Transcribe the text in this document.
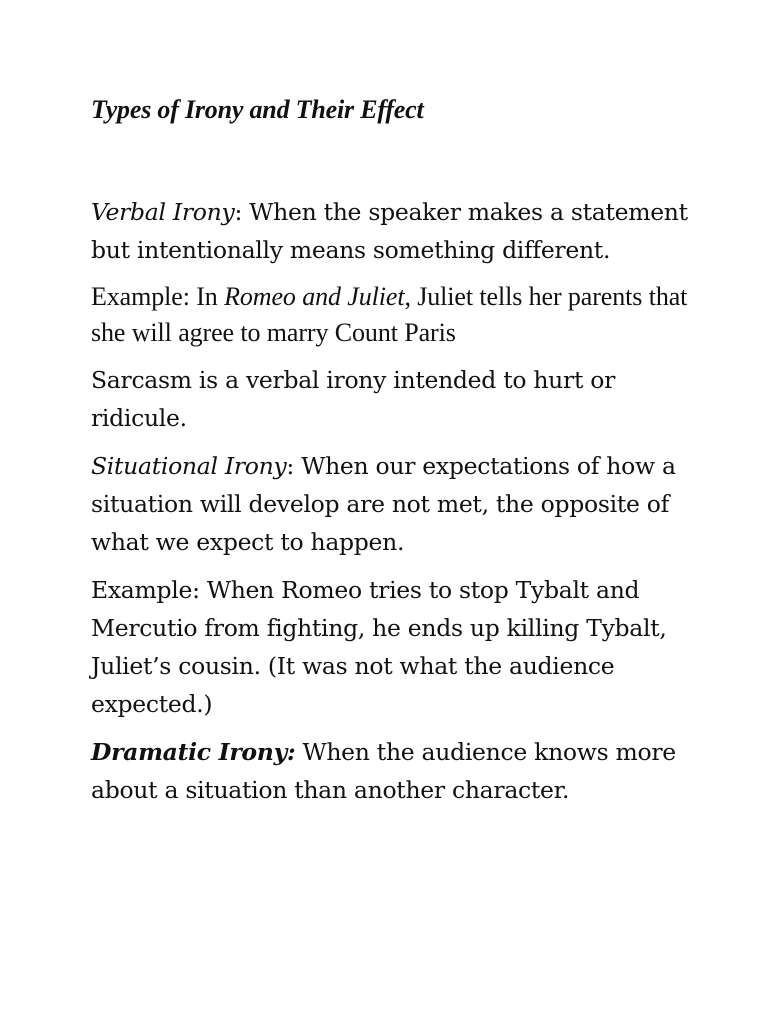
Types of Irony and Their Effect

Verbal Irony: When the speaker makes a statement but intentionally means something different.

Example: In Romeo and Juliet, Juliet tells her parents that she will agree to marry Count Paris

Sarcasm is a verbal irony intended to hurt or ridicule.

Situational Irony: When our expectations of how a situation will develop are not met, the opposite of what we expect to happen.

Example: When Romeo tries to stop Tybalt and Mercutio from fighting, he ends up killing Tybalt, Juliet’s cousin. (It was not what the audience expected.)

Dramatic Irony: When the audience knows more about a situation than another character.
